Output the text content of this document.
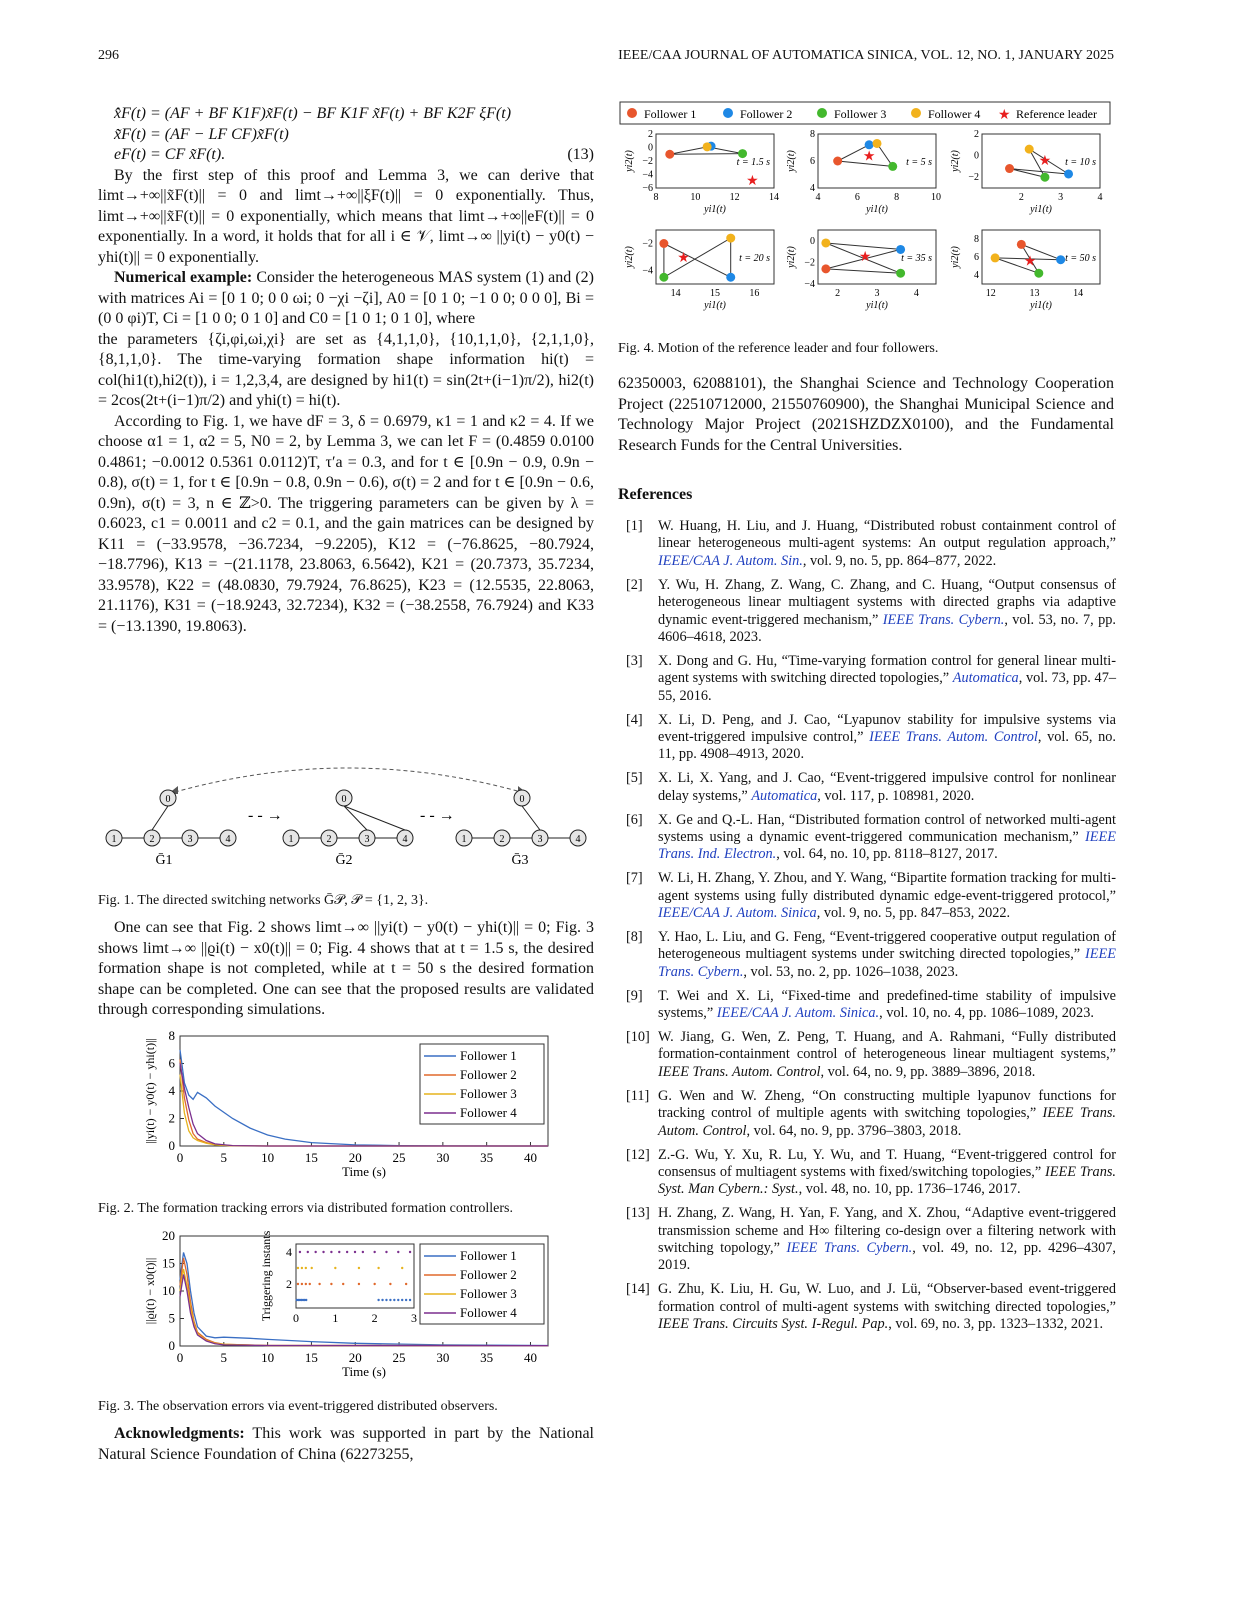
296	IEEE/CAA JOURNAL OF AUTOMATICA SINICA, VOL. 12, NO. 1, JANUARY 2025

x̂̇F(t) = (AF + BF K1F)x̃F(t) − BF K1F x̃F(t) + BF K2F ξF(t)

x̃̇F(t) = (AF − LF CF)x̃F(t)

eF(t) = CF x̃F(t).	(13)

By the first step of this proof and Lemma 3, we can derive that limt→+∞||x̃F(t)|| = 0 and limt→+∞||ξF(t)|| = 0 exponentially. Thus, limt→+∞||x̃F(t)|| = 0 exponentially, which means that limt→+∞||eF(t)|| = 0 exponentially. In a word, it holds that for all i ∈ 𝒱, limt→∞ ||yi(t) − y0(t) − yhi(t)|| = 0 exponentially.

Numerical example: Consider the heterogeneous MAS system (1) and (2) with matrices Ai = [0 1 0; 0 0 ωi; 0 −χi −ζi], A0 = [0 1 0; −1 0 0; 0 0 0], Bi = (0 0 φi)T, Ci = [1 0 0; 0 1 0] and C0 = [1 0 1; 0 1 0], where

the parameters {ζi,φi,ωi,χi} are set as {4,1,1,0}, {10,1,1,0}, {2,1,1,0}, {8,1,1,0}. The time-varying formation shape information hi(t) = col(hi1(t),hi2(t)), i = 1,2,3,4, are designed by hi1(t) = sin(2t+(i−1)π/2), hi2(t) = 2cos(2t+(i−1)π/2) and yhi(t) = hi(t).

According to Fig. 1, we have dF = 3, δ = 0.6979, κ1 = 1 and κ2 = 4. If we choose α1 = 1, α2 = 5, N0 = 2, by Lemma 3, we can let F = (0.4859 0.0100 0.4861; −0.0012 0.5361 0.0112)T, τ′a = 0.3, and for t ∈ [0.9n − 0.9, 0.9n − 0.8), σ(t) = 1, for t ∈ [0.9n − 0.8, 0.9n − 0.6), σ(t) = 2 and for t ∈ [0.9n − 0.6, 0.9n), σ(t) = 3, n ∈ ℤ>0. The triggering parameters can be given by λ = 0.6023, c1 = 0.0011 and c2 = 0.1, and the gain matrices can be designed by K11 = (−33.9578, −36.7234, −9.2205), K12 = (−76.8625, −80.7924, −18.7796), K13 = −(21.1178, 23.8063, 6.5642), K21 = (20.7373, 35.7234, 33.9578), K22 = (48.0830, 79.7924, 76.8625), K23 = (12.5535, 22.8063, 21.1176), K31 = (−18.9243, 32.7234), K32 = (−38.2558, 76.7924) and K33 = (−13.1390, 19.8063).

0
1	2	3	4
0
1	2	3	4
0
1	2	3	4
- - →	- - →
Ḡ1	Ḡ2	Ḡ3
Fig. 1. The directed switching networks Ḡ𝒫, 𝒫 = {1, 2, 3}.

One can see that Fig. 2 shows limt→∞ ||yi(t) − y0(t) − yhi(t)|| = 0; Fig. 3 shows limt→∞ ||ϱi(t) − x0(t)|| = 0; Fig. 4 shows that at t = 1.5 s, the desired formation shape is not completed, while at t = 50 s the desired formation shape can be completed. One can see that the proposed results are validated through corresponding simulations.

0	5	10 15 20 25 30 35 40
0
2
4
6
8
Time (s)
||yi(t) − y0(t) − yhi(t)||	Follower 1
Follower 2
Follower 3
Follower 4
Fig. 2. The formation tracking errors via distributed formation controllers.
0	5	10 15 20 25 30 35 40
0
5
10
15
20
Time (s)
||ϱi(t) − x0(t)||
Follower 1
Follower 2
Follower 3
Follower 4
0	1	2	3
2
4
Triggering instants
Fig. 3. The observation errors via event-triggered distributed observers.

Acknowledgments: This work was supported in part by the National Natural Science Foundation of China (62273255,

Follower 1	Follower 2	Follower 3	Follower 4 ★ Reference leader
8	10	12	14
2
0
−2
−4
−6
yi1(t)
yi2(t)
★
t = 1.5 s
4	6	8	10
8
6
4
yi1(t)
yi2(t)	★	t = 5 s
2	3	4
2
0
−2
yi1(t)
yi2(t)	★ t = 10 s
14	15	16
−2
−4
yi1(t)
yi2(t)	★	t = 20 s
2	3	4
0
−2
−4
yi1(t)
yi2(t)	★	t = 35 s
12	13	14
8
6
4
yi1(t)
yi2(t)	★	t = 50 s
Fig. 4. Motion of the reference leader and four followers.

62350003, 62088101), the Shanghai Science and Technology Cooperation Project (22510712000, 21550760900), the Shanghai Municipal Science and Technology Major Project (2021SHZDZX0100), and the Fundamental Research Funds for the Central Universities.

References
[1]	W. Huang, H. Liu, and J. Huang, “Distributed robust containment control of linear heterogeneous multi-agent systems: An output regulation approach,” IEEE/CAA J. Autom. Sin., vol. 9, no. 5, pp. 864–877, 2022.
[2]	Y. Wu, H. Zhang, Z. Wang, C. Zhang, and C. Huang, “Output consensus of heterogeneous linear multiagent systems with directed graphs via adaptive dynamic event-triggered mechanism,” IEEE Trans. Cybern., vol. 53, no. 7, pp. 4606–4618, 2023.
[3]	X. Dong and G. Hu, “Time-varying formation control for general linear multi-agent systems with switching directed topologies,” Automatica, vol. 73, pp. 47–55, 2016.
[4]	X. Li, D. Peng, and J. Cao, “Lyapunov stability for impulsive systems via event-triggered impulsive control,” IEEE Trans. Autom. Control, vol. 65, no. 11, pp. 4908–4913, 2020.
[5]	X. Li, X. Yang, and J. Cao, “Event-triggered impulsive control for nonlinear delay systems,” Automatica, vol. 117, p. 108981, 2020.
[6]	X. Ge and Q.-L. Han, “Distributed formation control of networked multi-agent systems using a dynamic event-triggered communication mechanism,” IEEE Trans. Ind. Electron., vol. 64, no. 10, pp. 8118–8127, 2017.
[7]	W. Li, H. Zhang, Y. Zhou, and Y. Wang, “Bipartite formation tracking for multi-agent systems using fully distributed dynamic edge-event-triggered protocol,” IEEE/CAA J. Autom. Sinica, vol. 9, no. 5, pp. 847–853, 2022.
[8]	Y. Hao, L. Liu, and G. Feng, “Event-triggered cooperative output regulation of heterogeneous multiagent systems under switching directed topologies,” IEEE Trans. Cybern., vol. 53, no. 2, pp. 1026–1038, 2023.
[9]	T. Wei and X. Li, “Fixed-time and predefined-time stability of impulsive systems,” IEEE/CAA J. Autom. Sinica., vol. 10, no. 4, pp. 1086–1089, 2023.
[10] W. Jiang, G. Wen, Z. Peng, T. Huang, and A. Rahmani, “Fully distributed formation-containment control of heterogeneous linear multiagent systems,” IEEE Trans. Autom. Control, vol. 64, no. 9, pp. 3889–3896, 2018.
[11] G. Wen and W. Zheng, “On constructing multiple lyapunov functions for tracking control of multiple agents with switching topologies,” IEEE Trans. Autom. Control, vol. 64, no. 9, pp. 3796–3803, 2018.
[12] Z.-G. Wu, Y. Xu, R. Lu, Y. Wu, and T. Huang, “Event-triggered control for consensus of multiagent systems with fixed/switching topologies,” IEEE Trans. Syst. Man Cybern.: Syst., vol. 48, no. 10, pp. 1736–1746, 2017.
[13] H. Zhang, Z. Wang, H. Yan, F. Yang, and X. Zhou, “Adaptive event-triggered transmission scheme and H∞ filtering co-design over a filtering network with switching topology,” IEEE Trans. Cybern., vol. 49, no. 12, pp. 4296–4307, 2019.
[14] G. Zhu, K. Liu, H. Gu, W. Luo, and J. Lü, “Observer-based event-triggered formation control of multi-agent systems with switching directed topologies,” IEEE Trans. Circuits Syst. I-Regul. Pap., vol. 69, no. 3, pp. 1323–1332, 2021.
